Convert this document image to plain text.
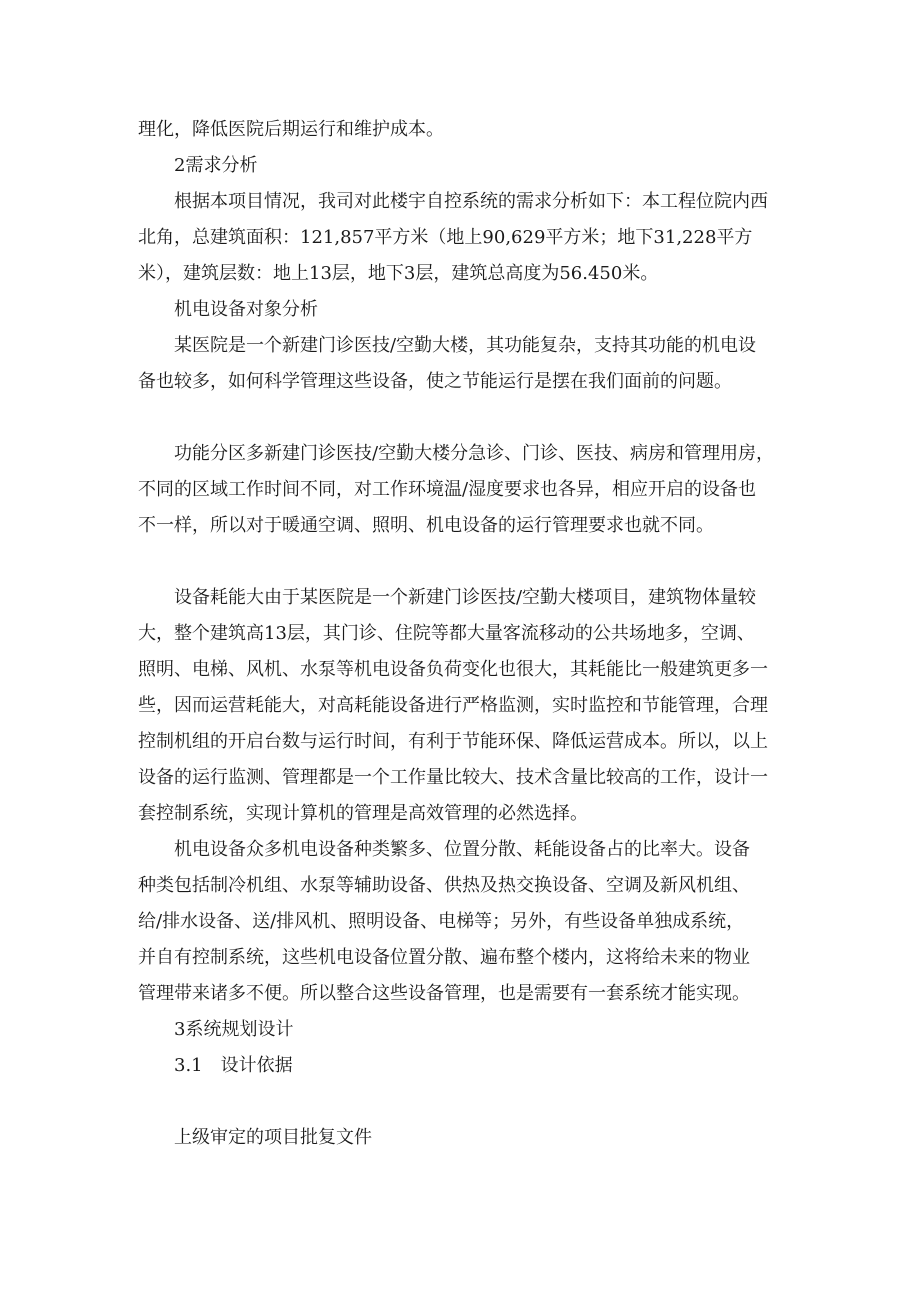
理化，降低医院后期运行和维护成本。

2需求分析

根据本项目情况，我司对此楼宇自控系统的需求分析如下：本工程位院内西

北角，总建筑面积：121,857平方米（地上90,629平方米；地下31,228平方

米），建筑层数：地上13层，地下3层，建筑总高度为56.450米。

机电设备对象分析

某医院是一个新建门诊医技/空勤大楼，其功能复杂，支持其功能的机电设

备也较多，如何科学管理这些设备，使之节能运行是摆在我们面前的问题。

功能分区多新建门诊医技/空勤大楼分急诊、门诊、医技、病房和管理用房，

不同的区域工作时间不同，对工作环境温/湿度要求也各异，相应开启的设备也

不一样，所以对于暖通空调、照明、机电设备的运行管理要求也就不同。

设备耗能大由于某医院是一个新建门诊医技/空勤大楼项目，建筑物体量较

大，整个建筑高13层，其门诊、住院等都大量客流移动的公共场地多，空调、

照明、电梯、风机、水泵等机电设备负荷变化也很大，其耗能比一般建筑更多一

些，因而运营耗能大，对高耗能设备进行严格监测，实时监控和节能管理，合理

控制机组的开启台数与运行时间，有利于节能环保、降低运营成本。所以，以上

设备的运行监测、管理都是一个工作量比较大、技术含量比较高的工作，设计一

套控制系统，实现计算机的管理是高效管理的必然选择。

机电设备众多机电设备种类繁多、位置分散、耗能设备占的比率大。设备

种类包括制冷机组、水泵等辅助设备、供热及热交换设备、空调及新风机组、

给/排水设备、送/排风机、照明设备、电梯等；另外，有些设备单独成系统，

并自有控制系统，这些机电设备位置分散、遍布整个楼内，这将给未来的物业

管理带来诸多不便。所以整合这些设备管理，也是需要有一套系统才能实现。

3系统规划设计

3.1　设计依据

上级审定的项目批复文件
